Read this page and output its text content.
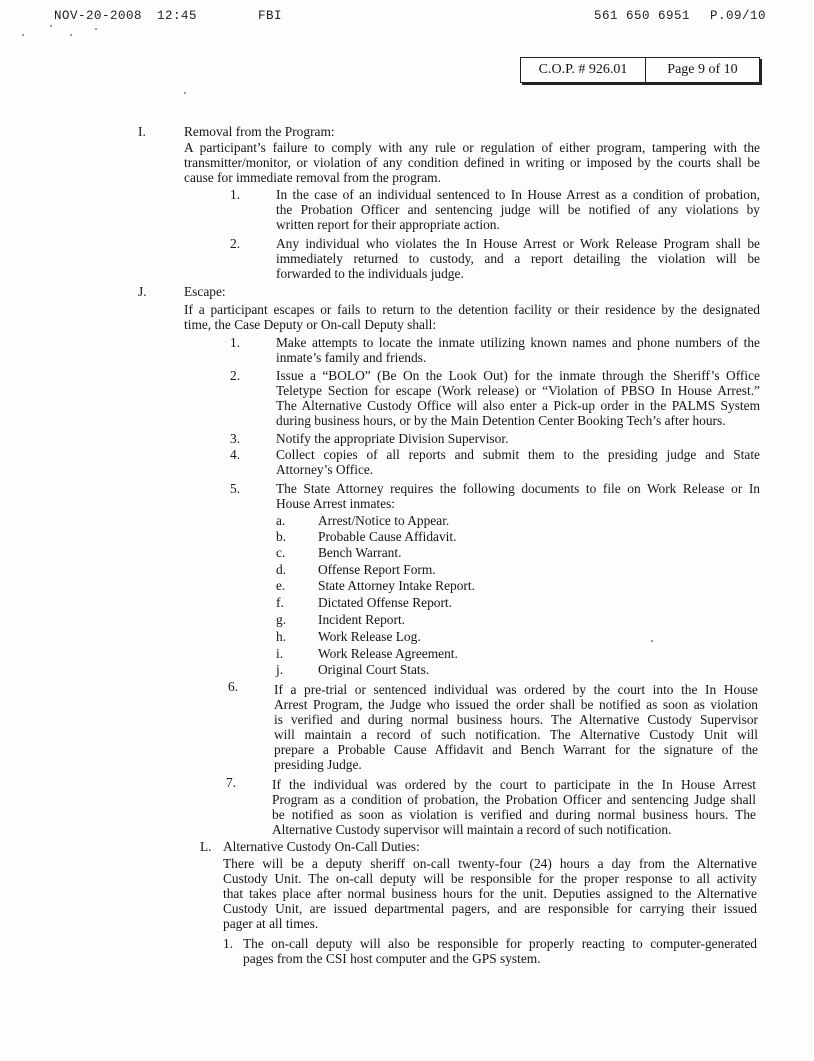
NOV-20-2008 12:45	FBI	561 650 6951 P.09/10
C.O.P. # 926.01	Page 9 of 10
I.	Removal from the Program:
A participant’s failure to comply with any rule or regulation of either program, tampering with the
transmitter/monitor, or violation of any condition defined in writing or imposed by the courts shall be
cause for immediate removal from the program.
1.	In the case of an individual sentenced to In House Arrest as a condition of probation,
the Probation Officer and sentencing judge will be notified of any violations by
written report for their appropriate action.
2.	Any individual who violates the In House Arrest or Work Release Program shall be
immediately returned to custody, and a report detailing the violation will be
forwarded to the individuals judge.
J.	Escape:
If a participant escapes or fails to return to the detention facility or their residence by the designated
time, the Case Deputy or On-call Deputy shall:
1.	Make attempts to locate the inmate utilizing known names and phone numbers of the
inmate’s family and friends.
2.	Issue a “BOLO” (Be On the Look Out) for the inmate through the Sheriff’s Office
Teletype Section for escape (Work release) or “Violation of PBSO In House Arrest.”
The Alternative Custody Office will also enter a Pick-up order in the PALMS System
during business hours, or by the Main Detention Center Booking Tech’s after hours.
3.	Notify the appropriate Division Supervisor.
4.	Collect copies of all reports and submit them to the presiding judge and State
Attorney’s Office.
5.	The State Attorney requires the following documents to file on Work Release or In
House Arrest inmates:
a. Arrest/Notice to Appear.
b. Probable Cause Affidavit.
c. Bench Warrant.
d. Offense Report Form.
e. State Attorney Intake Report.
f.	Dictated Offense Report.
g. Incident Report.
h. Work Release Log.
i.	Work Release Agreement.
j.	Original Court Stats.
6.	If a pre-trial or sentenced individual was ordered by the court into the In House
Arrest Program, the Judge who issued the order shall be notified as soon as violation
is verified and during normal business hours. The Alternative Custody Supervisor
will maintain a record of such notification. The Alternative Custody Unit will
prepare a Probable Cause Affidavit and Bench Warrant for the signature of the
presiding Judge.
7.	If the individual was ordered by the court to participate in the In House Arrest
Program as a condition of probation, the Probation Officer and sentencing Judge shall
be notified as soon as violation is verified and during normal business hours. The
Alternative Custody supervisor will maintain a record of such notification.
L. Alternative Custody On-Call Duties:
There will be a deputy sheriff on-call twenty-four (24) hours a day from the Alternative
Custody Unit. The on-call deputy will be responsible for the proper response to all activity
that takes place after normal business hours for the unit. Deputies assigned to the Alternative
Custody Unit, are issued departmental pagers, and are responsible for carrying their issued
pager at all times.
1. The on-call deputy will also be responsible for properly reacting to computer-generated
pages from the CSI host computer and the GPS system.
